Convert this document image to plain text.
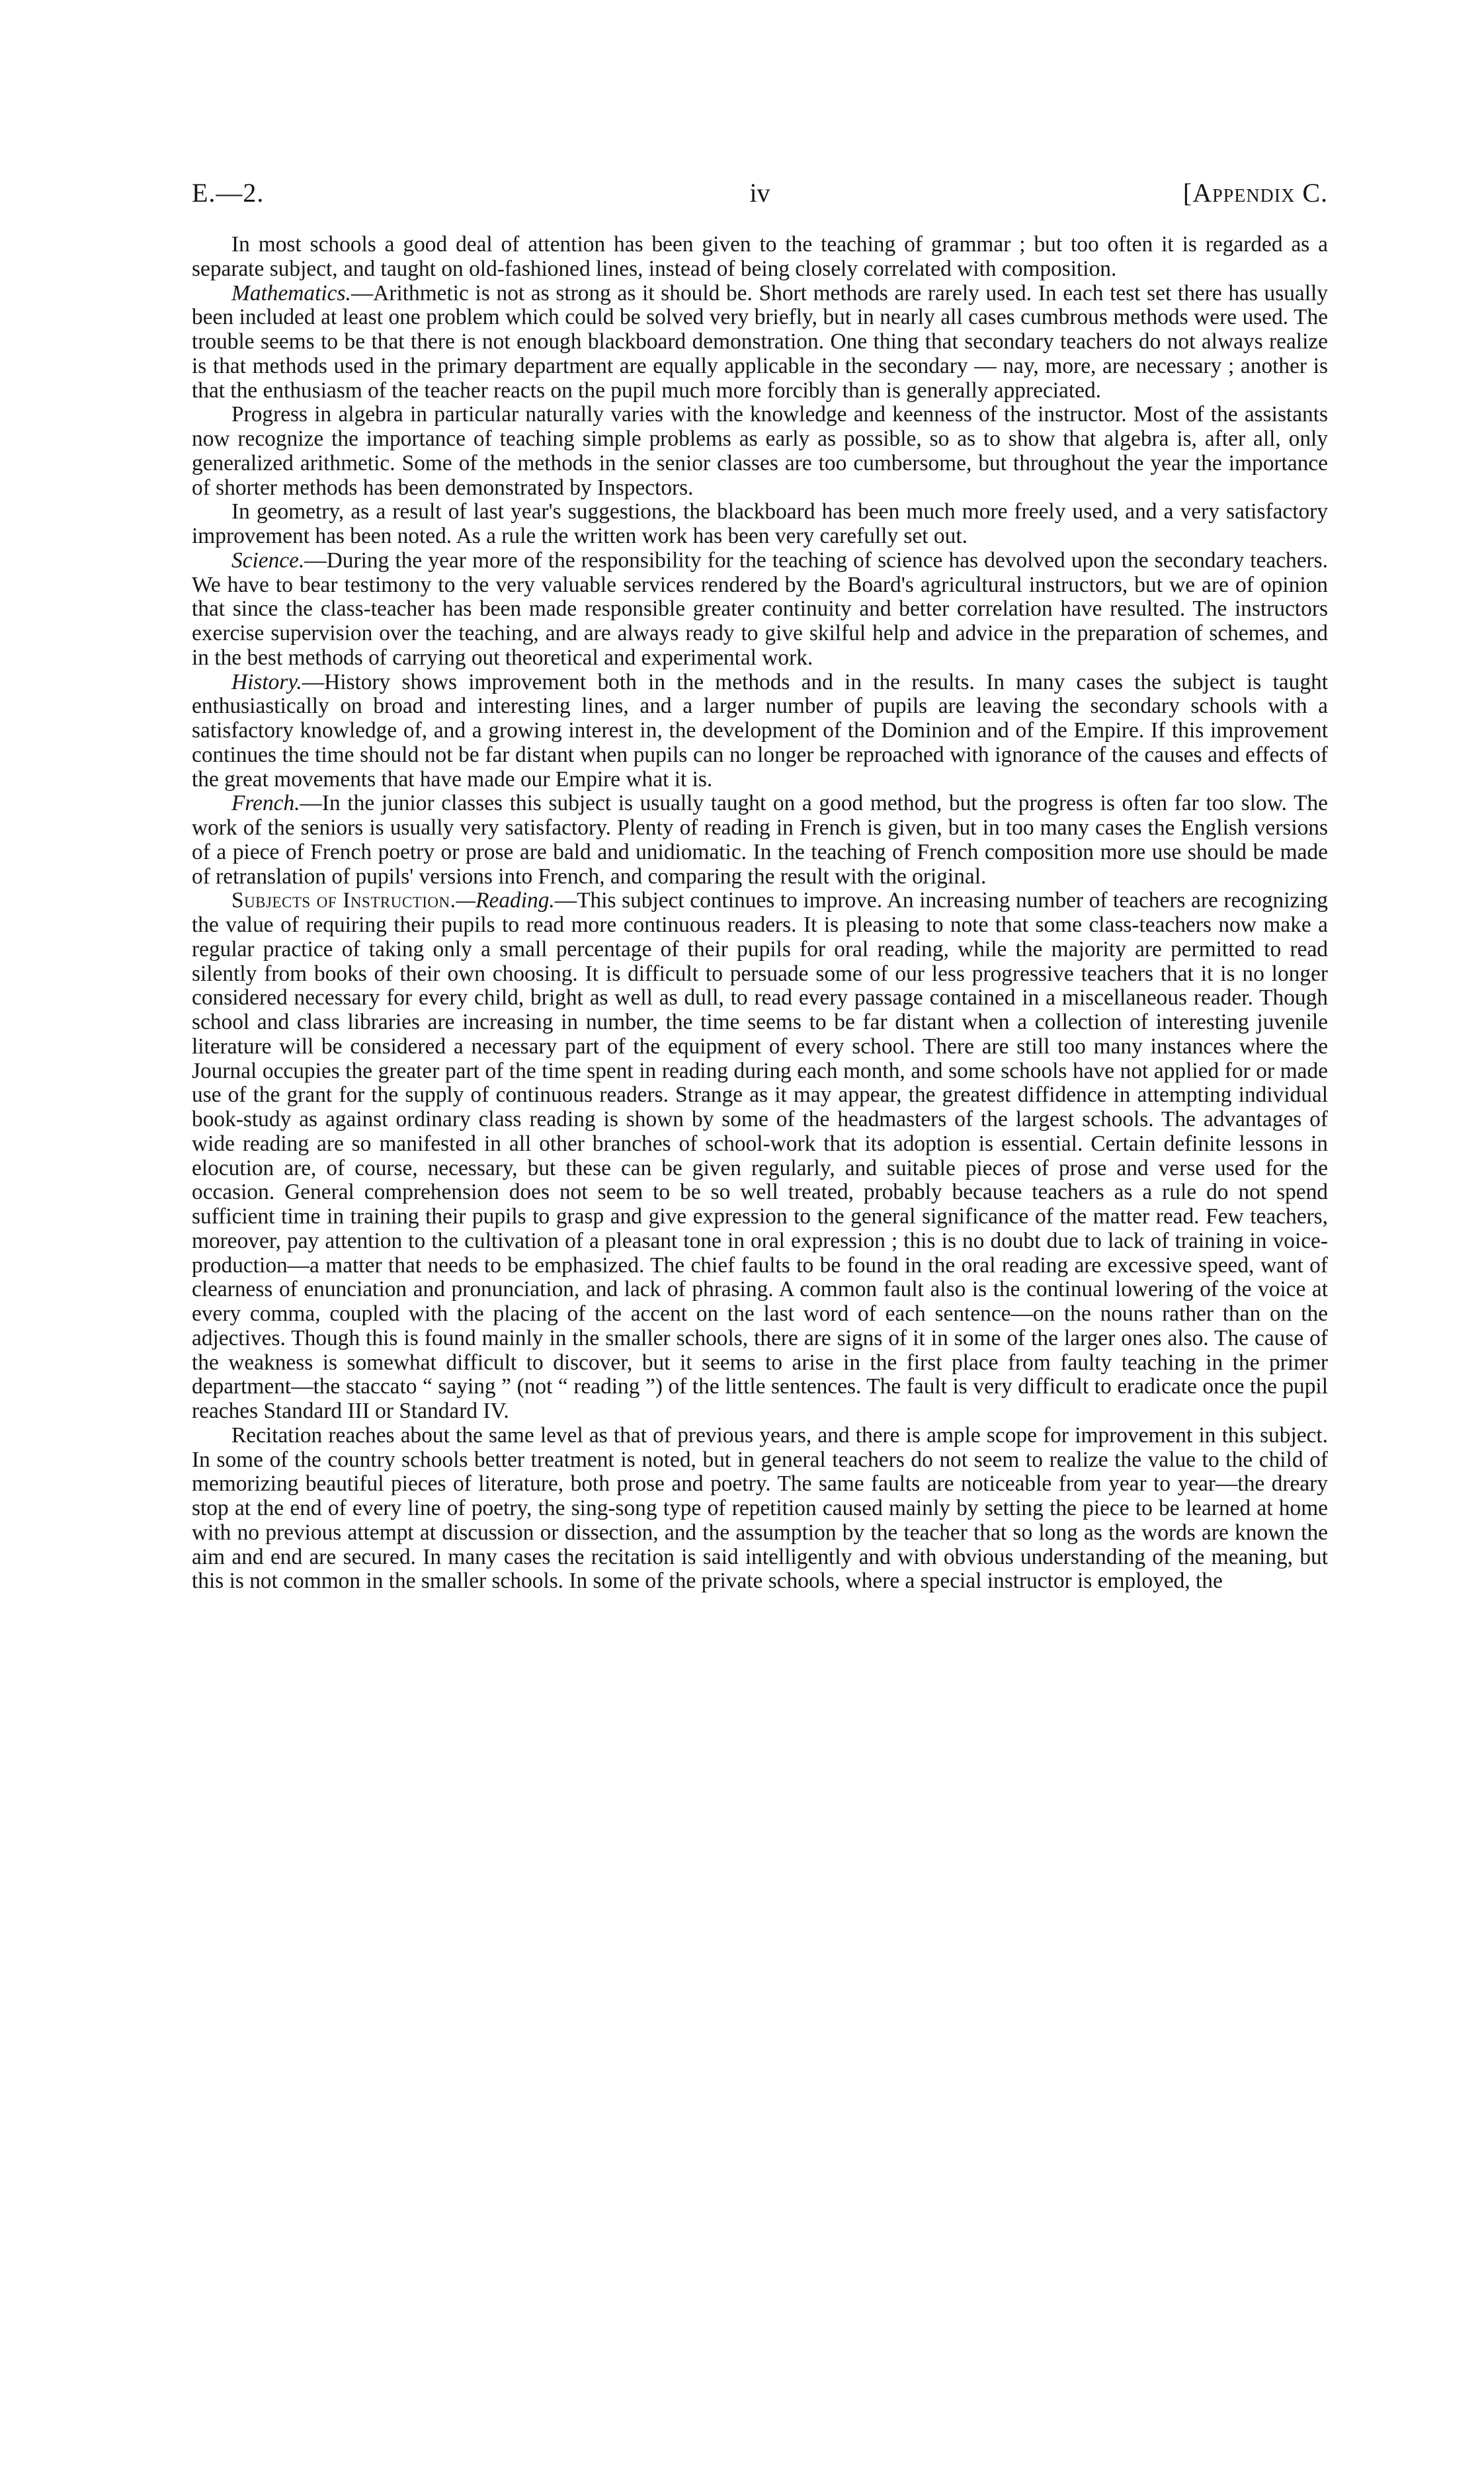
E.—2.	iv	[Appendix C.

In most schools a good deal of attention has been given to the teaching of grammar ; but too often it is regarded as a separate subject, and taught on old-fashioned lines, instead of being closely correlated with composition.

Mathematics.—Arithmetic is not as strong as it should be. Short methods are rarely used. In each test set there has usually been included at least one problem which could be solved very briefly, but in nearly all cases cumbrous methods were used. The trouble seems to be that there is not enough blackboard demonstration. One thing that secondary teachers do not always realize is that methods used in the primary department are equally applicable in the secondary — nay, more, are necessary ; another is that the enthusiasm of the teacher reacts on the pupil much more forcibly than is generally appreciated.

Progress in algebra in particular naturally varies with the knowledge and keenness of the instructor. Most of the assistants now recognize the importance of teaching simple problems as early as possible, so as to show that algebra is, after all, only generalized arithmetic. Some of the methods in the senior classes are too cumbersome, but throughout the year the importance of shorter methods has been demonstrated by Inspectors.

In geometry, as a result of last year's suggestions, the blackboard has been much more freely used, and a very satisfactory improvement has been noted. As a rule the written work has been very carefully set out.

Science.—During the year more of the responsibility for the teaching of science has devolved upon the secondary teachers. We have to bear testimony to the very valuable services rendered by the Board's agricultural instructors, but we are of opinion that since the class-teacher has been made responsible greater continuity and better correlation have resulted. The instructors exercise supervision over the teaching, and are always ready to give skilful help and advice in the preparation of schemes, and in the best methods of carrying out theoretical and experimental work.

History.—History shows improvement both in the methods and in the results. In many cases the subject is taught enthusiastically on broad and interesting lines, and a larger number of pupils are leaving the secondary schools with a satisfactory knowledge of, and a growing interest in, the development of the Dominion and of the Empire. If this improvement continues the time should not be far distant when pupils can no longer be reproached with ignorance of the causes and effects of the great movements that have made our Empire what it is.

French.—In the junior classes this subject is usually taught on a good method, but the progress is often far too slow. The work of the seniors is usually very satisfactory. Plenty of reading in French is given, but in too many cases the English versions of a piece of French poetry or prose are bald and unidiomatic. In the teaching of French composition more use should be made of retranslation of pupils' versions into French, and comparing the result with the original.

Subjects of Instruction.—Reading.—This subject continues to improve. An increasing number of teachers are recognizing the value of requiring their pupils to read more continuous readers. It is pleasing to note that some class-teachers now make a regular practice of taking only a small percentage of their pupils for oral reading, while the majority are permitted to read silently from books of their own choosing. It is difficult to persuade some of our less progressive teachers that it is no longer considered necessary for every child, bright as well as dull, to read every passage contained in a miscellaneous reader. Though school and class libraries are increasing in number, the time seems to be far distant when a collection of interesting juvenile literature will be considered a necessary part of the equipment of every school. There are still too many instances where the Journal occupies the greater part of the time spent in reading during each month, and some schools have not applied for or made use of the grant for the supply of continuous readers. Strange as it may appear, the greatest diffidence in attempting individual book-study as against ordinary class reading is shown by some of the headmasters of the largest schools. The advantages of wide reading are so manifested in all other branches of school-work that its adoption is essential. Certain definite lessons in elocution are, of course, necessary, but these can be given regularly, and suitable pieces of prose and verse used for the occasion. General comprehension does not seem to be so well treated, probably because teachers as a rule do not spend sufficient time in training their pupils to grasp and give expression to the general significance of the matter read. Few teachers, moreover, pay attention to the cultivation of a pleasant tone in oral expression ; this is no doubt due to lack of training in voice-production—a matter that needs to be emphasized. The chief faults to be found in the oral reading are excessive speed, want of clearness of enunciation and pronunciation, and lack of phrasing. A common fault also is the continual lowering of the voice at every comma, coupled with the placing of the accent on the last word of each sentence—on the nouns rather than on the adjectives. Though this is found mainly in the smaller schools, there are signs of it in some of the larger ones also. The cause of the weakness is somewhat difficult to discover, but it seems to arise in the first place from faulty teaching in the primer department—the staccato “ saying ” (not “ reading ”) of the little sentences. The fault is very difficult to eradicate once the pupil reaches Standard III or Standard IV.

Recitation reaches about the same level as that of previous years, and there is ample scope for improvement in this subject. In some of the country schools better treatment is noted, but in general teachers do not seem to realize the value to the child of memorizing beautiful pieces of literature, both prose and poetry. The same faults are noticeable from year to year—the dreary stop at the end of every line of poetry, the sing-song type of repetition caused mainly by setting the piece to be learned at home with no previous attempt at discussion or dissection, and the assumption by the teacher that so long as the words are known the aim and end are secured. In many cases the recitation is said intelligently and with obvious understanding of the meaning, but this is not common in the smaller schools. In some of the private schools, where a special instructor is employed, the
